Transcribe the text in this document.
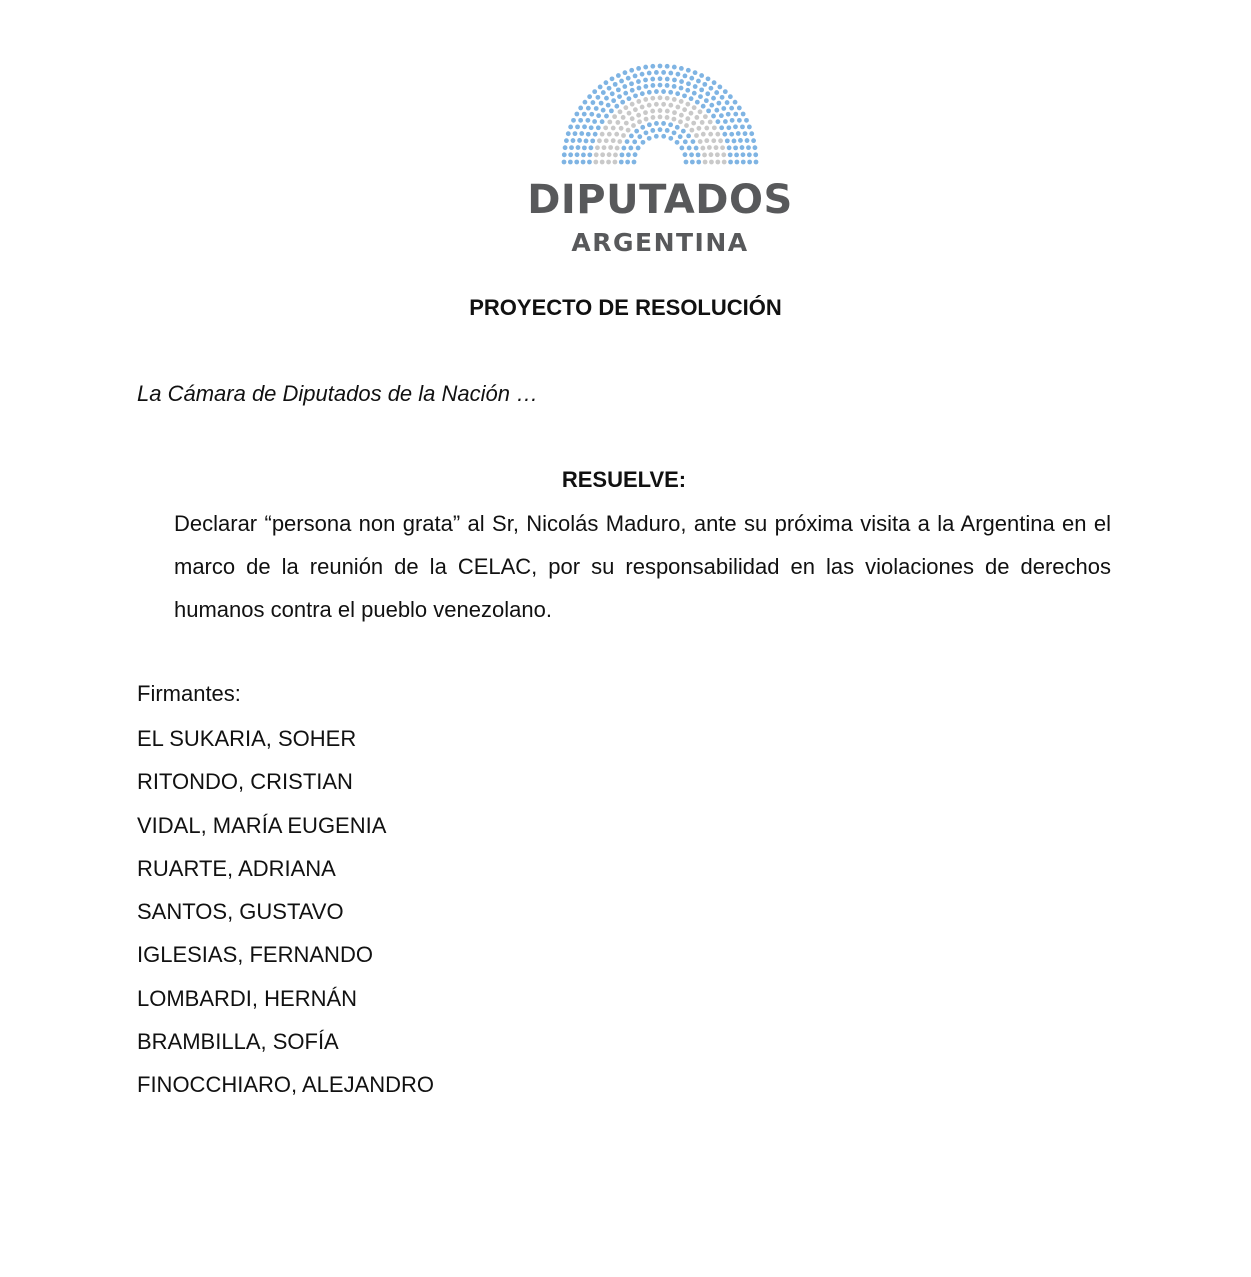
DIPUTADOS
ARGENTINA
PROYECTO DE RESOLUCIÓN
La Cámara de Diputados de la Nación …
RESUELVE:
Declarar “persona non grata” al Sr, Nicolás Maduro, ante su próxima visita a la Argentina en el marco de la reunión de la CELAC, por su responsabilidad en las violaciones de derechos humanos contra el pueblo venezolano.
Firmantes:
EL SUKARIA, SOHER
RITONDO, CRISTIAN
VIDAL, MARÍA EUGENIA
RUARTE, ADRIANA
SANTOS, GUSTAVO
IGLESIAS, FERNANDO
LOMBARDI, HERNÁN
BRAMBILLA, SOFÍA
FINOCCHIARO, ALEJANDRO
